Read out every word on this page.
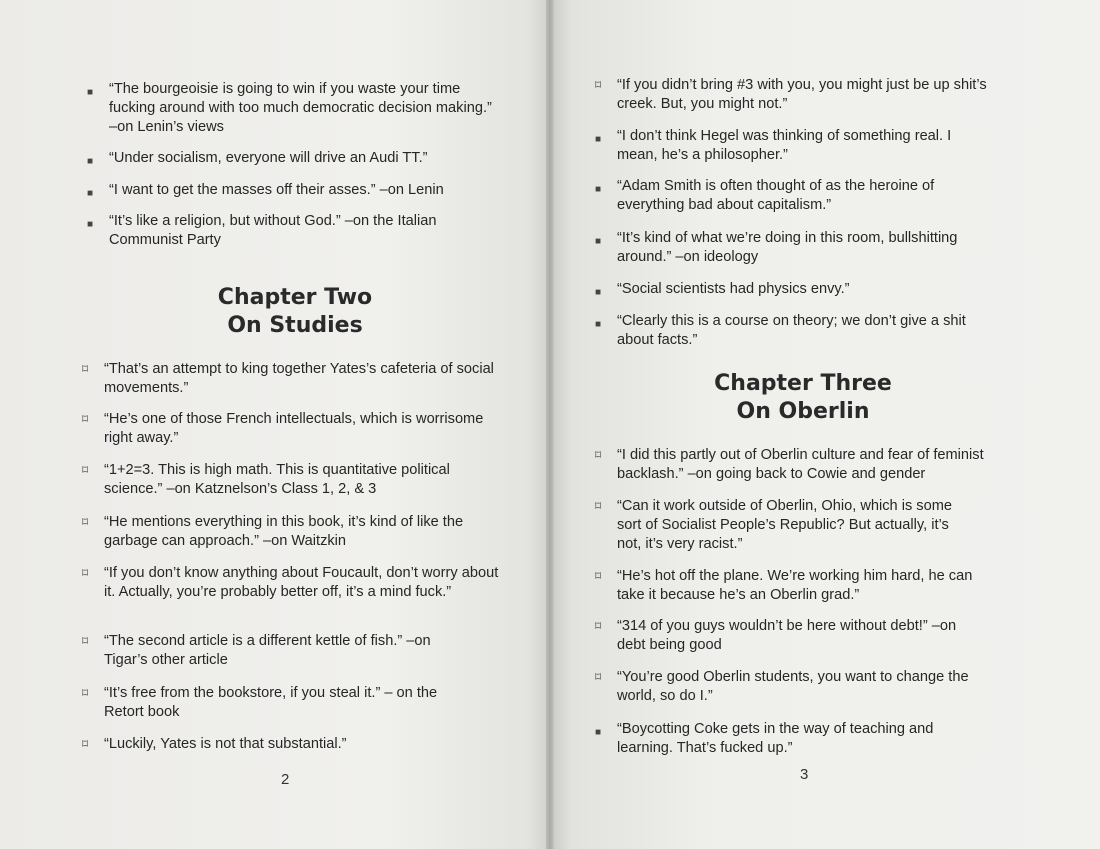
■ “The bourgeoisie is going to win if you waste your time fucking around with too much democratic decision making.” –on Lenin’s views
■ “Under socialism, everyone will drive an Audi TT.”
■ “I want to get the masses off their asses.” –on Lenin
■ “It’s like a religion, but without God.” –on the Italian Communist Party
Chapter Two
On Studies
⌑ “That’s an attempt to king together Yates’s cafeteria of social movements.”
⌑ “He’s one of those French intellectuals, which is worrisome right away.”
⌑ “1+2=3. This is high math. This is quantitative political science.” –on Katznelson’s Class 1, 2, & 3
⌑ “He mentions everything in this book, it’s kind of like the garbage can approach.” –on Waitzkin
⌑ “If you don’t know anything about Foucault, don’t worry about it. Actually, you’re probably better off, it’s a mind fuck.”
⌑ “The second article is a different kettle of fish.” –on Tigar’s other article
⌑ “It’s free from the bookstore, if you steal it.” – on the Retort book
⌑ “Luckily, Yates is not that substantial.”
2
⌑ “If you didn’t bring #3 with you, you might just be up shit’s creek. But, you might not.”
■ “I don’t think Hegel was thinking of something real. I mean, he’s a philosopher.”
■ “Adam Smith is often thought of as the heroine of everything bad about capitalism.”
■ “It’s kind of what we’re doing in this room, bullshitting around.” –on ideology
■ “Social scientists had physics envy.”
■ “Clearly this is a course on theory; we don’t give a shit about facts.”
Chapter Three
On Oberlin
⌑ “I did this partly out of Oberlin culture and fear of feminist backlash.” –on going back to Cowie and gender
⌑ “Can it work outside of Oberlin, Ohio, which is some sort of Socialist People’s Republic? But actually, it’s not, it’s very racist.”
⌑ “He’s hot off the plane. We’re working him hard, he can take it because he’s an Oberlin grad.”
⌑ “314 of you guys wouldn’t be here without debt!” –on debt being good
⌑ “You’re good Oberlin students, you want to change the world, so do I.”
■ “Boycotting Coke gets in the way of teaching and learning. That’s fucked up.”
3
